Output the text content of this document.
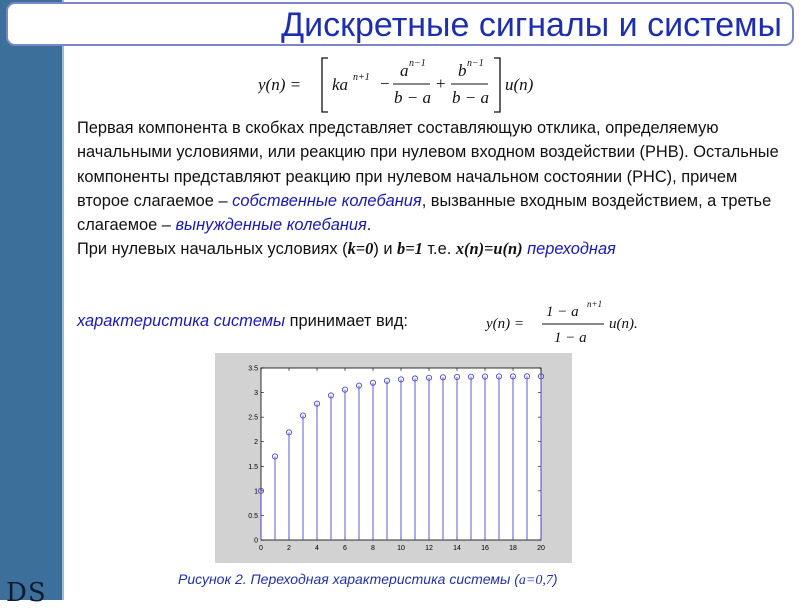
DS
Дискретные сигналы и системы
y(n) = ka n+1 −
a n−1
b − a
+
b n−1
b − a
u(n)

Первая компонента в скобках представляет составляющую отклика, определяемую начальными условиями, или реакцию при нулевом входном воздействии (РНВ). Остальные компоненты представляют реакцию при нулевом начальном состоянии (РНС), причем второе слагаемое – собственные колебания, вызванные входным воздействием, а третье слагаемое – вынужденные колебания.

При нулевых начальных условиях (k=0) и b=1 т.е. x(n)=u(n) переходная

характеристика системы принимает вид:	y(n) =
1 − a n+1
1 − a
u(n).
0	2	4	6	8	10	12	14	16	18	20
0
0.5
1
1.5
2
2.5
3
3.5
Рисунок 2. Переходная характеристика системы (a=0,7)
